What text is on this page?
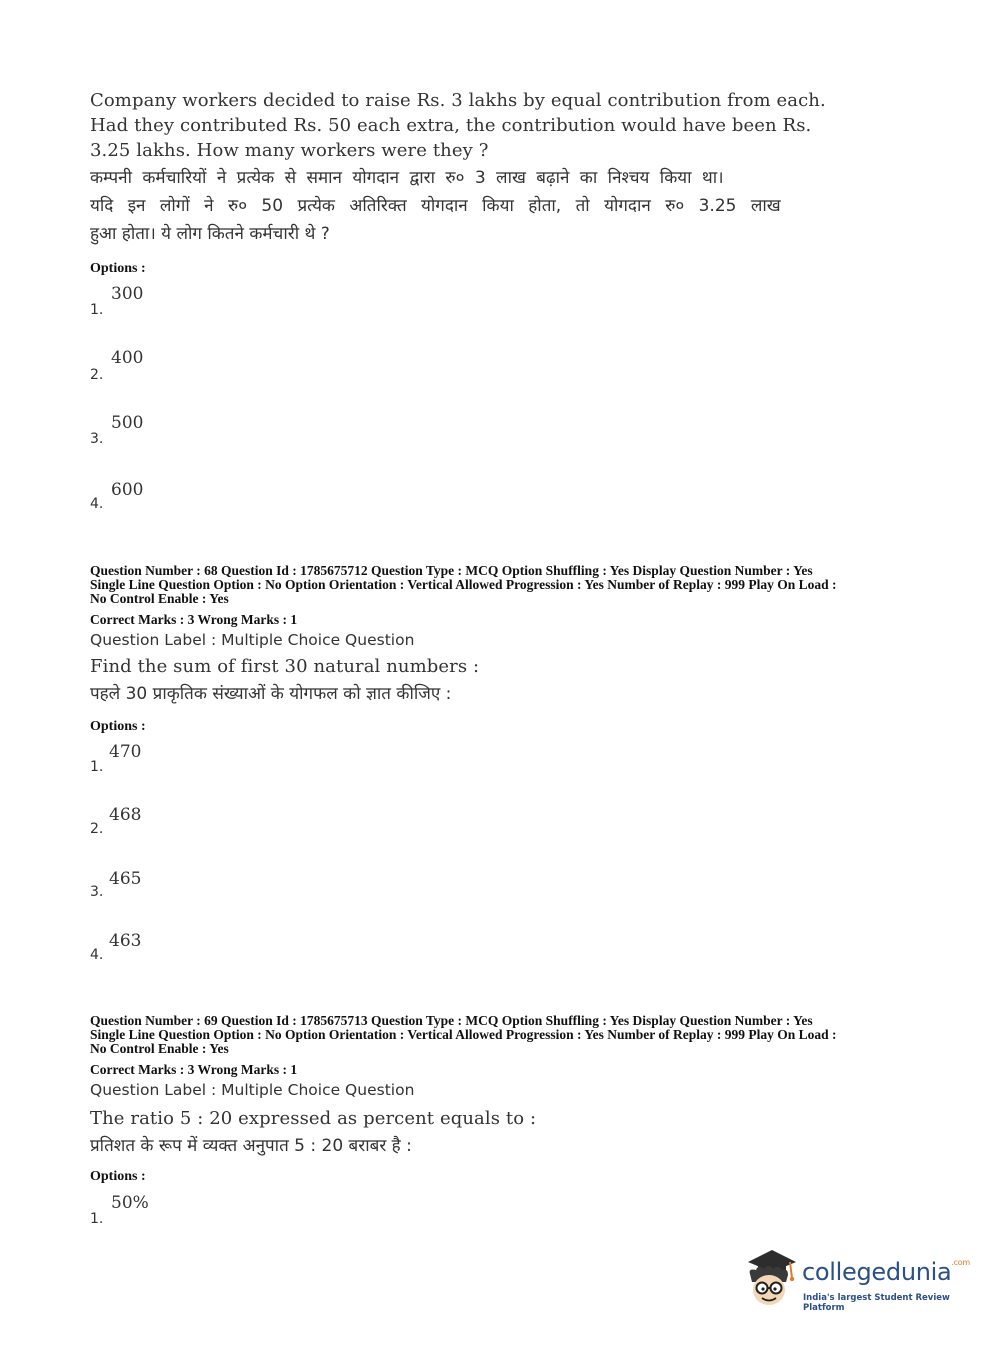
Company workers decided to raise Rs. 3 lakhs by equal contribution from each.
Had they contributed Rs. 50 each extra, the contribution would have been Rs.
3.25 lakhs. How many workers were they ?
कम्पनी कर्मचारियों ने प्रत्येक से समान योगदान द्वारा रु० 3 लाख बढ़ाने का निश्चय किया था।
यदि इन लोगों ने रु० 50 प्रत्येक अतिरिक्त योगदान किया होता, तो योगदान रु० 3.25 लाख
हुआ होता। ये लोग कितने कर्मचारी थे ?
Options :
300
1.
400
2.
500
3.
600
4.
Question Number : 68 Question Id : 1785675712 Question Type : MCQ Option Shuffling : Yes Display Question Number : Yes
Single Line Question Option : No Option Orientation : Vertical Allowed Progression : Yes Number of Replay : 999 Play On Load :
No Control Enable : Yes
Correct Marks : 3 Wrong Marks : 1
Question Label : Multiple Choice Question
Find the sum of first 30 natural numbers :
पहले 30 प्राकृतिक संख्याओं के योगफल को ज्ञात कीजिए :
Options :
470
1.
468
2.
465
3.
463
4.
Question Number : 69 Question Id : 1785675713 Question Type : MCQ Option Shuffling : Yes Display Question Number : Yes
Single Line Question Option : No Option Orientation : Vertical Allowed Progression : Yes Number of Replay : 999 Play On Load :
No Control Enable : Yes
Correct Marks : 3 Wrong Marks : 1
Question Label : Multiple Choice Question
The ratio 5 : 20 expressed as percent equals to :
प्रतिशत के रूप में व्यक्त अनुपात 5 : 20 बराबर है :
Options :
50%
1.
collegedunia$^{.com}$
India's largest Student Review Platform
